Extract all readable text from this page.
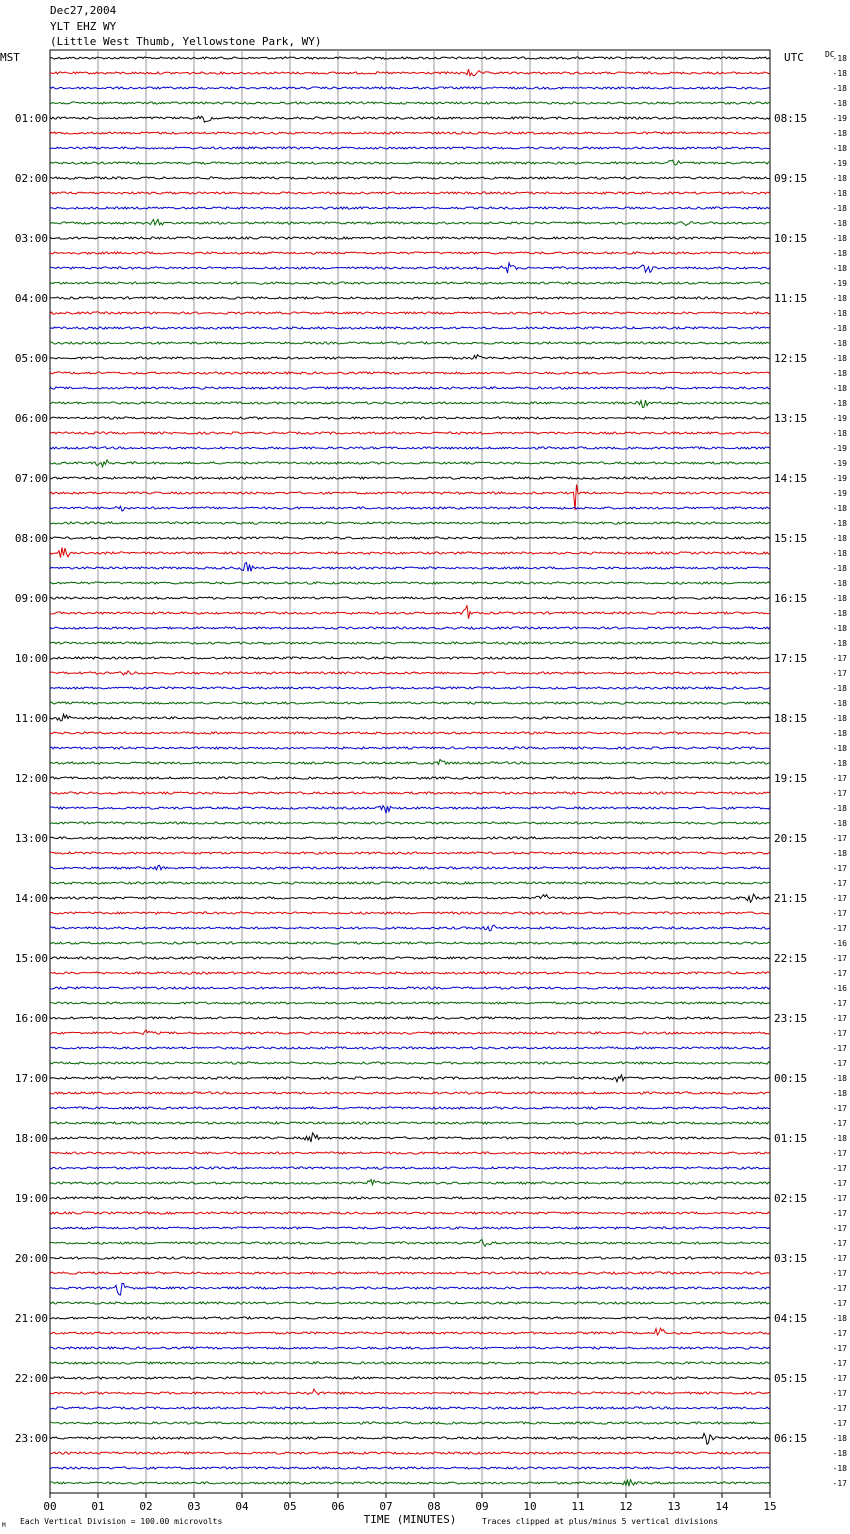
Dec27,2004
YLT EHZ WY
(Little West Thumb, Yellowstone Park, WY)
-18
-18
-18
-18
-19
-18
-18
-19
-18
-18
-18
-18
-18
-18
-18
-19
-18
-18
-18
-18
-18
-18
-18
-18
-19
-18
-19
-19
-19
-19
-18
-18
-18
-18
-18
-18
-18
-18
-18
-18
-17
-17
-18
-18
-18
-18
-18
-18
-17
-17
-18
-18
-17
-18
-17
-17
-17
-17
-17
-16
-17
-17
-16
-17
-17
-17
-17
-17
-18
-18
-17
-17
-18
-17
-17
-17
-17
-17
-17
-17
-17
-17
-17
-17
-18
-17
-17
-17
-17
-17
-17
-17
-18
-18
-18
-17
MST	UTC	DC
01:00
02:00
03:00
04:00
05:00
06:00
07:00
08:00
09:00
10:00
11:00
12:00
13:00
14:00
15:00
16:00
17:00
18:00
19:00
20:00
21:00
22:00
23:00
08:15
09:15
10:15
11:15
12:15
13:15
14:15
15:15
16:15
17:15
18:15
19:15
20:15
21:15
22:15
23:15
00:15
01:15
02:15
03:15
04:15
05:15
06:15
00	01	02	03	04	05	06	07	08	09	10	11	12	13	14	15
TIME (MINUTES)
Each Vertical Division = 100.00 microvolts	Traces clipped at plus/minus 5 vertical divisions
M
